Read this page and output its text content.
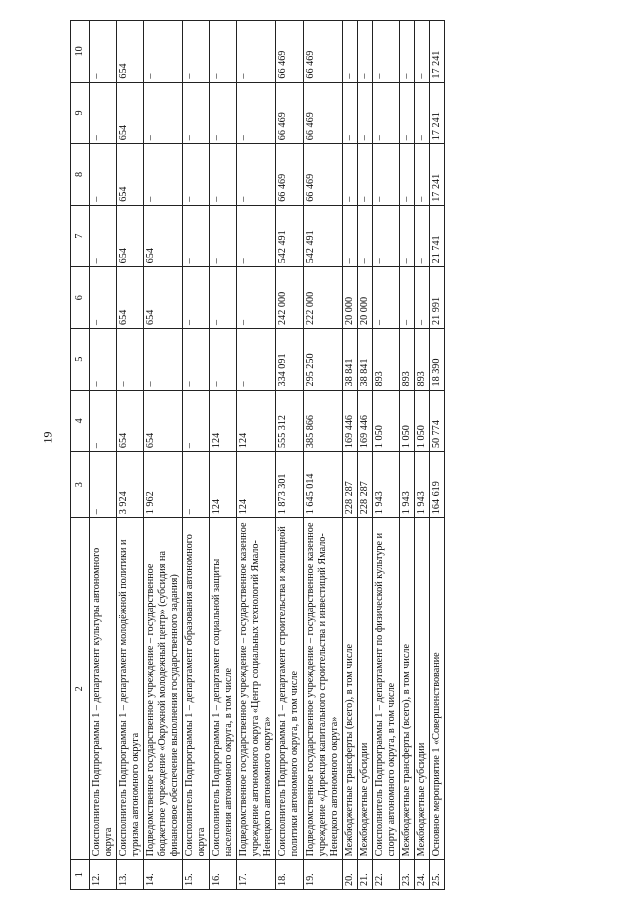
19
1	2	3	4	5	6	7	8	9	10
12.	Соисполнитель Подпрограммы 1 – департамент культуры автономного округа	–	–	–	–	–	–	–	–
13.	Соисполнитель Подпрограммы 1 – департамент молодёжной политики и туризма автономного округа	3 924	654	–	654	654	654	654	654
14.	Подведомственное государственное учреждение – государственное бюджетное учреждение «Окружной молодежный центр» (субсидия на финансовое обеспечение выполнения государственного задания)	1 962	654	–	654	654	–	–	–
15.	Соисполнитель Подпрограммы 1 – департамент образования автономного округа	–	–	–	–	–	–	–	–
16.	Соисполнитель Подпрограммы 1 – департамент социальной защиты населения автономного округа, в том числе	124	124	–	–	–	–	–	–
17.	Подведомственное государственное учреждение – государственное казенное учреждение автономного округа «Центр социальных технологий Ямало-Ненецкого автономного округа»	124	124	–	–	–	–	–	–
18.	Соисполнитель Подпрограммы 1 – департамент строительства и жилищной политики автономного округа, в том числе	1 873 301	555 312	334 091	242 000	542 491	66 469	66 469	66 469
19.	Подведомственное государственное учреждение – государственное казенное учреждение «Дирекция капитального строительства и инвестиций Ямало-Ненецкого автономного округа»	1 645 014	385 866	295 250	222 000	542 491	66 469	66 469	66 469
20.	Межбюджетные трансферты (всего), в том числе	228 287	169 446	38 841	20 000	–	–	–	–
21.	Межбюджетные субсидии	228 287	169 446	38 841	20 000	–	–	–	–
22.	Соисполнитель Подпрограммы 1 – департамент по физической культуре и спорту автономного округа, в том числе	1 943	1 050	893	–	–	–	–	–
23.	Межбюджетные трансферты (всего), в том числе	1 943	1 050	893	–	–	–	–	–
24.	Межбюджетные субсидии	1 943	1 050	893	–	–	–	–	–
25.	Основное мероприятие 1 «Совершенствование	164 619	50 774	18 390	21 991	21 741	17 241	17 241	17 241
